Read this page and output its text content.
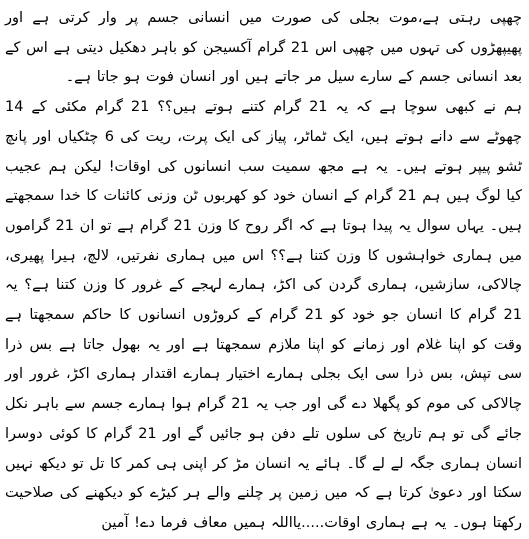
چھپی رہتی ہے،موت بجلی کی صورت میں انسانی جسم پر وار کرتی ہے اور پھیپھڑوں کی تہوں میں چھپی اس 21 گرام آکسیجن کو باہر دھکیل دیتی ہے اس کے بعد انسانی جسم کے سارے سیل مر جاتے ہیں اور انسان فوت ہو جاتا ہے۔

ہم نے کبھی سوچا ہے کہ یہ 21 گرام کتنے ہوتے ہیں؟؟ 21 گرام مکئی کے 14 چھوٹے سے دانے ہوتے ہیں، ایک ٹماٹر، پیاز کی ایک پرت، ریت کی 6 چٹکیاں اور پانچ ٹشو پیپر ہوتے ہیں۔ یہ ہے مجھ سمیت سب انسانوں کی اوقات! لیکن ہم عجیب کیا لوگ ہیں ہم 21 گرام کے انسان خود کو کھربوں ٹن وزنی کائنات کا خدا سمجھتے ہیں۔ یہاں سوال یہ پیدا ہوتا ہے کہ اگر روح کا وزن 21 گرام ہے تو ان 21 گراموں میں ہماری خواہشوں کا وزن کتنا ہے؟؟ اس میں ہماری نفرتیں، لالچ، ہیرا پھیری، چالاکی، سازشیں، ہماری گردن کی اکڑ، ہمارے لہجے کے غرور کا وزن کتنا ہے؟ یہ 21 گرام کا انسان جو خود کو 21 گرام کے کروڑوں انسانوں کا حاکم سمجھتا ہے وقت کو اپنا غلام اور زمانے کو اپنا ملازم سمجھتا ہے اور یہ بھول جاتا ہے بس ذرا سی تپش، بس ذرا سی ایک بجلی ہمارے اختیار ہمارے اقتدار ہماری اکڑ، غرور اور چالاکی کی موم کو پگھلا دے گی اور جب یہ 21 گرام ہوا ہمارے جسم سے باہر نکل جائے گی تو ہم تاریخ کی سلوں تلے دفن ہو جائیں گے اور 21 گرام کا کوئی دوسرا انسان ہماری جگہ لے لے گا۔ ہائے یہ انسان مڑ کر اپنی ہی کمر کا تل تو دیکھ نہیں سکتا اور دعویٰ کرتا ہے کہ میں زمین پر چلنے والے ہر کیڑے کو دیکھنے کی صلاحیت رکھتا ہوں۔ یہ ہے ہماری اوقات.....یااللہ ہمیں معاف فرما دے! آمین
